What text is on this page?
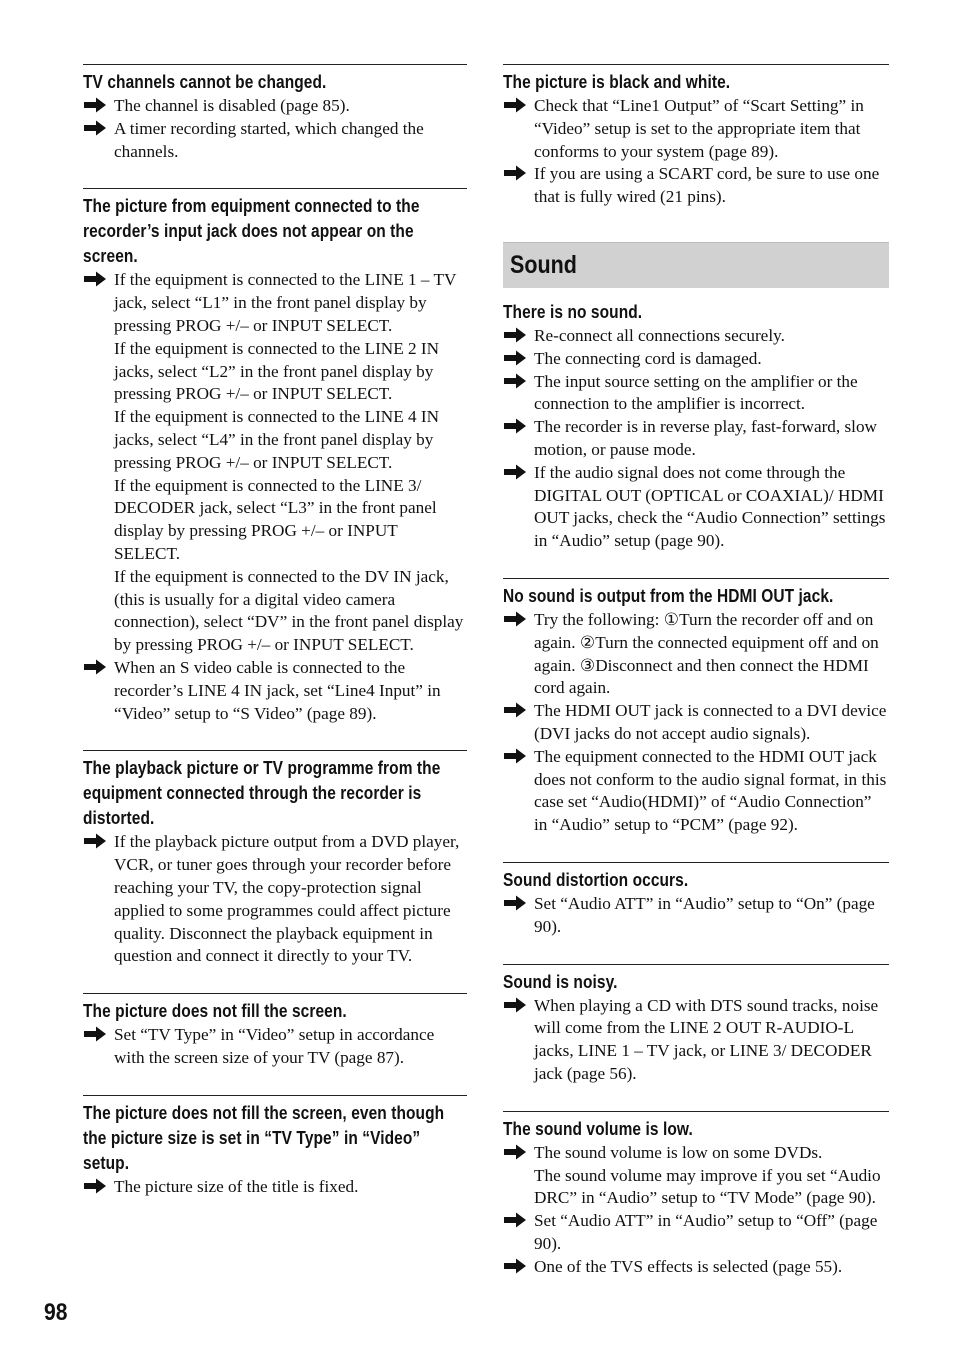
TV channels cannot be changed.

The channel is disabled (page 85).

A timer recording started, which changed the channels.

The picture from equipment connected to the recorder’s input jack does not appear on the screen.

If the equipment is connected to the LINE 1 – TV jack, select “L1” in the front panel display by pressing PROG +/– or INPUT SELECT.

If the equipment is connected to the LINE 2 IN jacks, select “L2” in the front panel display by pressing PROG +/– or INPUT SELECT.

If the equipment is connected to the LINE 4 IN jacks, select “L4” in the front panel display by pressing PROG +/– or INPUT SELECT.

If the equipment is connected to the LINE 3/ DECODER jack, select “L3” in the front panel display by pressing PROG +/– or INPUT SELECT.

If the equipment is connected to the DV IN jack, (this is usually for a digital video camera connection), select “DV” in the front panel display by pressing PROG +/– or INPUT SELECT.

When an S video cable is connected to the recorder’s LINE 4 IN jack, set “Line4 Input” in “Video” setup to “S Video” (page 89).

The playback picture or TV programme from the equipment connected through the recorder is distorted.

If the playback picture output from a DVD player, VCR, or tuner goes through your recorder before reaching your TV, the copy-protection signal applied to some programmes could affect picture quality. Disconnect the playback equipment in question and connect it directly to your TV.

The picture does not fill the screen.

Set “TV Type” in “Video” setup in accordance with the screen size of your TV (page 87).

The picture does not fill the screen, even though the picture size is set in “TV Type” in “Video” setup.

The picture size of the title is fixed.

The picture is black and white.

Check that “Line1 Output” of “Scart Setting” in “Video” setup is set to the appropriate item that conforms to your system (page 89).

If you are using a SCART cord, be sure to use one that is fully wired (21 pins).

Sound
There is no sound.

Re-connect all connections securely.

The connecting cord is damaged.

The input source setting on the amplifier or the connection to the amplifier is incorrect.

The recorder is in reverse play, fast-forward, slow motion, or pause mode.

If the audio signal does not come through the DIGITAL OUT (OPTICAL or COAXIAL)/ HDMI OUT jacks, check the “Audio Connection” settings in “Audio” setup (page 90).

No sound is output from the HDMI OUT jack.

Try the following: ①Turn the recorder off and on again. ②Turn the connected equipment off and on again. ③Disconnect and then connect the HDMI cord again.

The HDMI OUT jack is connected to a DVI device (DVI jacks do not accept audio signals).

The equipment connected to the HDMI OUT jack does not conform to the audio signal format, in this case set “Audio(HDMI)” of “Audio Connection” in “Audio” setup to “PCM” (page 92).

Sound distortion occurs.

Set “Audio ATT” in “Audio” setup to “On” (page 90).

Sound is noisy.

When playing a CD with DTS sound tracks, noise will come from the LINE 2 OUT R-AUDIO-L jacks, LINE 1 – TV jack, or LINE 3/ DECODER jack (page 56).

The sound volume is low.

The sound volume is low on some DVDs.

The sound volume may improve if you set “Audio DRC” in “Audio” setup to “TV Mode” (page 90).

Set “Audio ATT” in “Audio” setup to “Off” (page 90).

One of the TVS effects is selected (page 55).

98
